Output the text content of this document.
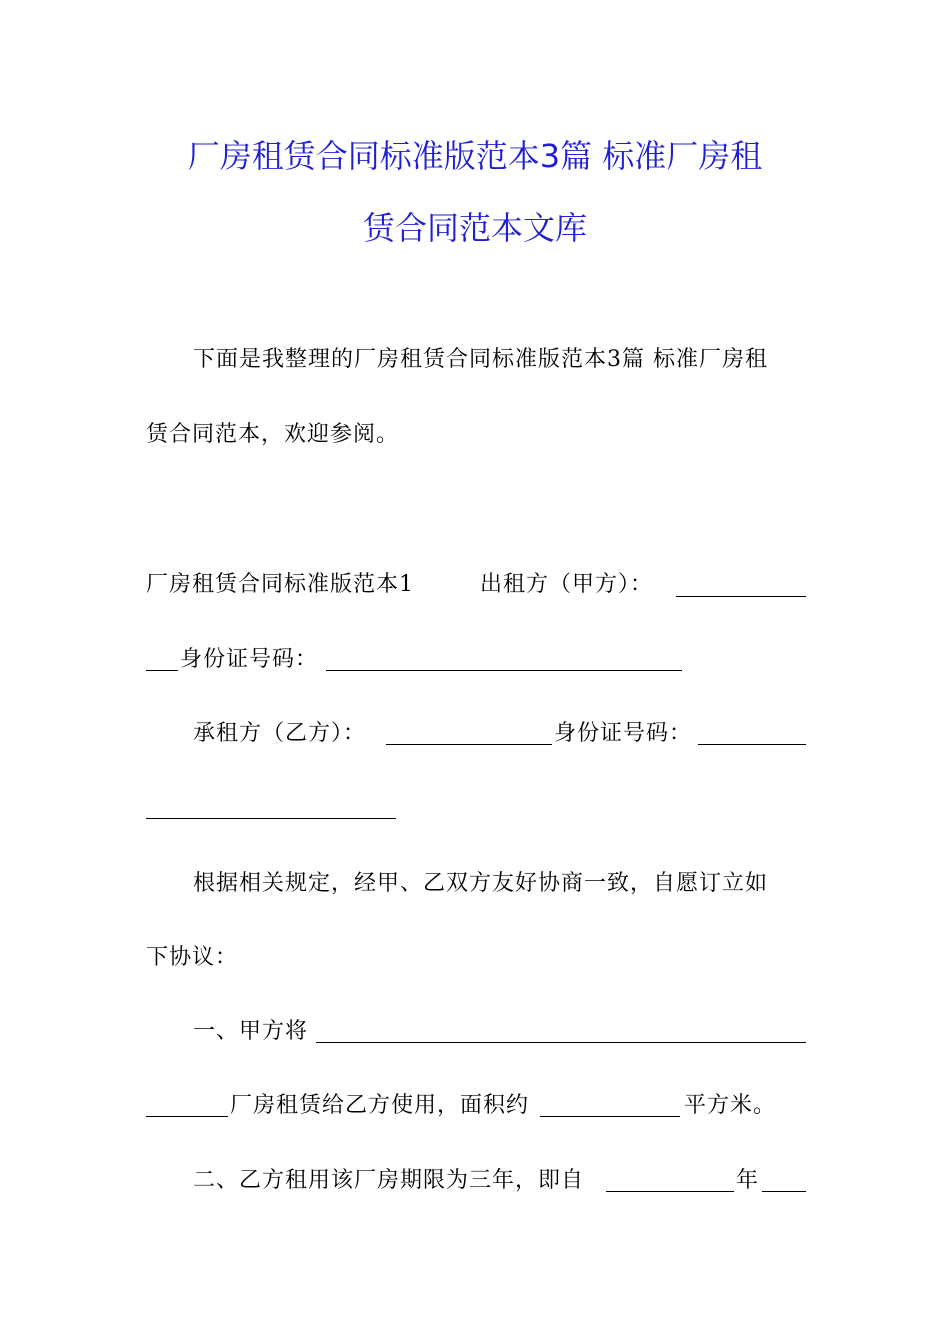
厂房租赁合同标准版范本3篇 标准厂房租
赁合同范本文库
下面是我整理的厂房租赁合同标准版范本3篇 标准厂房租
赁合同范本，欢迎参阅。
厂房租赁合同标准版范本1	出租方（甲方）：
身份证号码：
承租方（乙方）：	身份证号码：
根据相关规定，经甲、乙双方友好协商一致，自愿订立如
下协议：
一、甲方将
厂房租赁给乙方使用，面积约	平方米。
二、乙方租用该厂房期限为三年，即自	年
